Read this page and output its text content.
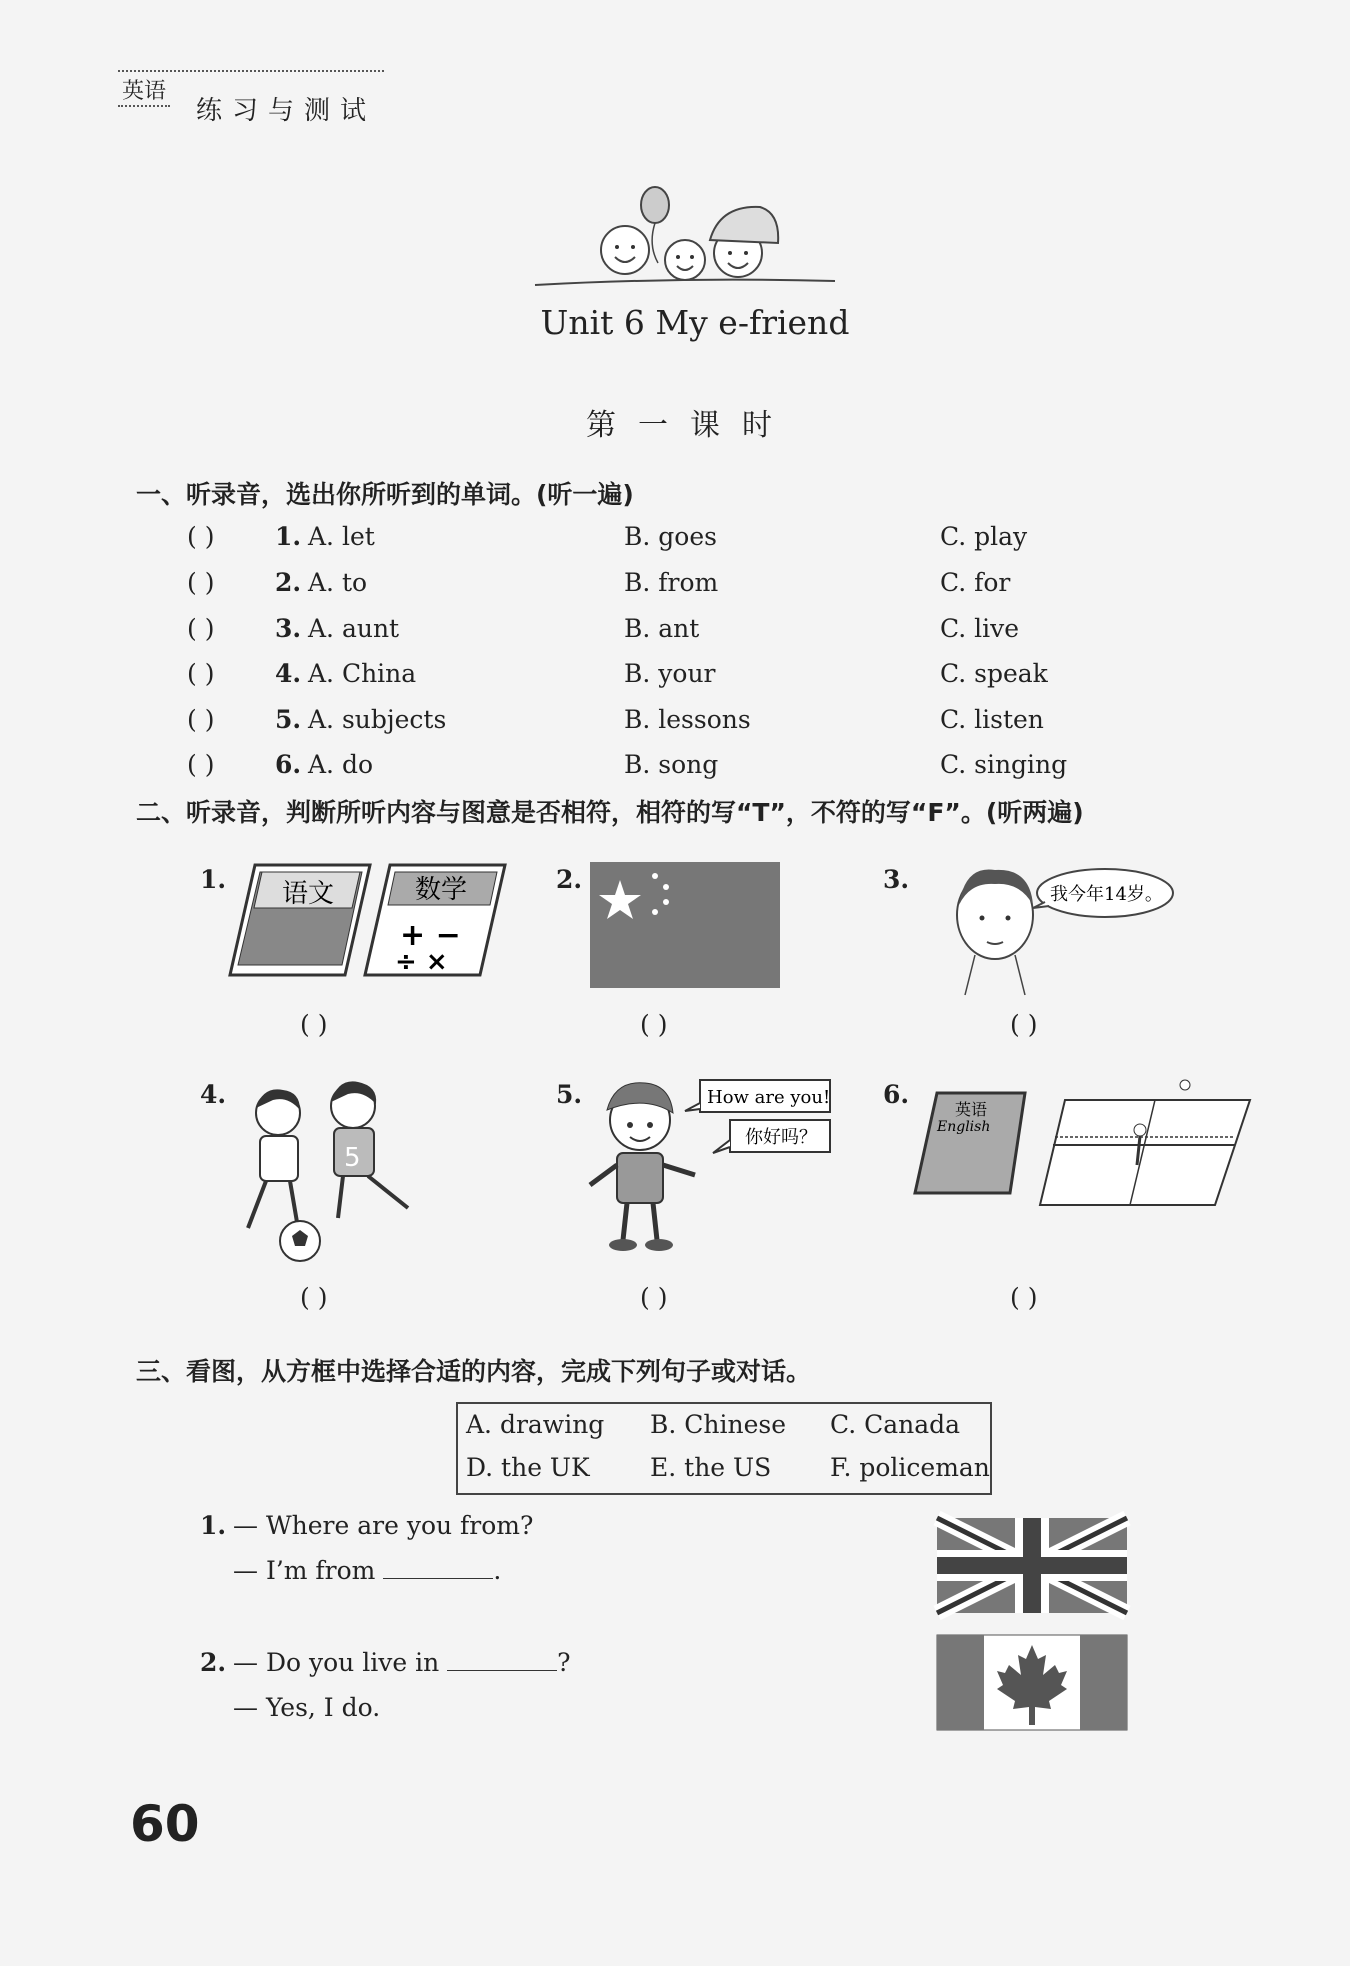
英语
练习与测试
Unit 6 My e-friend
第一课时
一、听录音，选出你所听到的单词。(听一遍)
( ) 1. A. let	B. goes	C. play
( ) 2. A. to	B. from	C. for
( ) 3. A. aunt	B. ant	C. live
( ) 4. A. China	B. your	C. speak
( ) 5. A. subjects	B. lessons	C. listen
( ) 6. A. do	B. song	C. singing
二、听录音，判断所听内容与图意是否相符，相符的写“T”，不符的写“F”。(听两遍)
1.	2.	3.
4.	5.	6.
语文	数学
+ −
÷ ×
我今年14岁。
5
How are you!
你好吗？
英语
English
( )	( )	( )
( )	( )	( )
三、看图，从方框中选择合适的内容，完成下列句子或对话。
A. drawing B. Chinese C. Canada
D. the UK E. the US F. policeman
1. — Where are you from?
— I’m from	.
2. — Do you live in	?
— Yes, I do.
60
